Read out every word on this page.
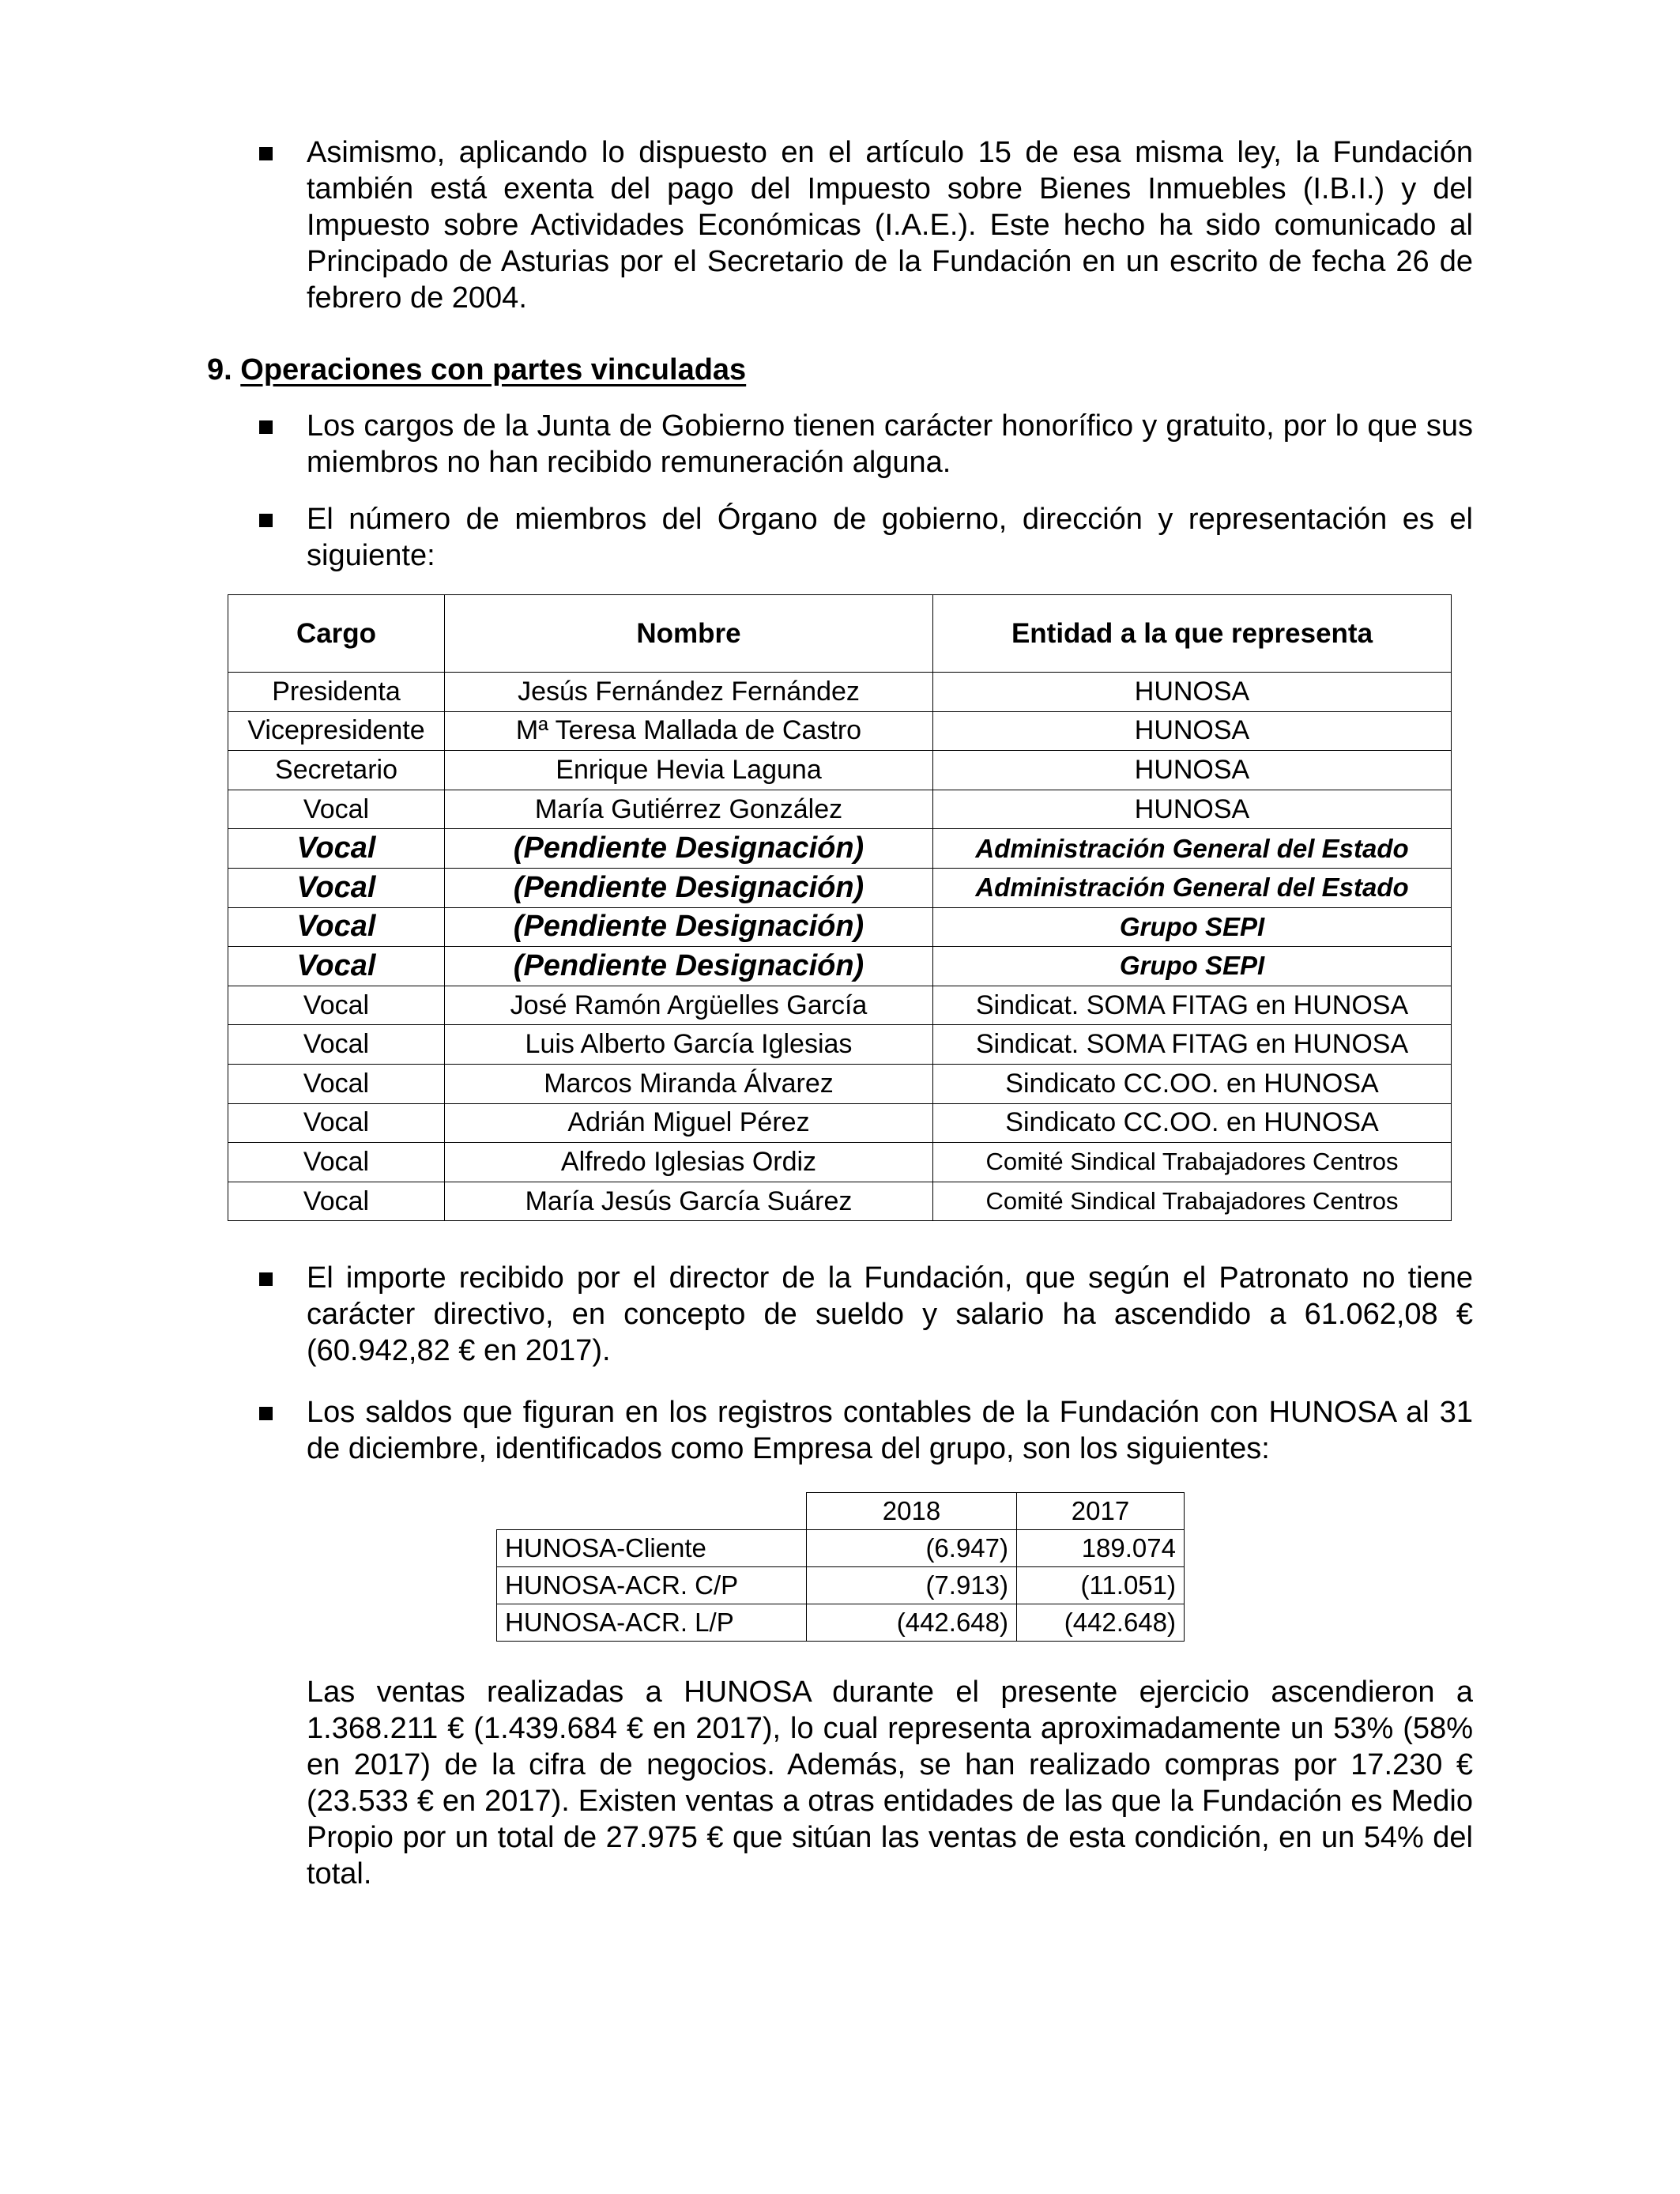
Asimismo, aplicando lo dispuesto en el artículo 15 de esa misma ley, la Fundación también está exenta del pago del Impuesto sobre Bienes Inmuebles (I.B.I.) y del Impuesto sobre Actividades Económicas (I.A.E.). Este hecho ha sido comunicado al Principado de Asturias por el Secretario de la Fundación en un escrito de fecha 26 de febrero de 2004.
9. Operaciones con partes vinculadas
Los cargos de la Junta de Gobierno tienen carácter honorífico y gratuito, por lo que sus miembros no han recibido remuneración alguna.
El número de miembros del Órgano de gobierno, dirección y representación es el siguiente:
Cargo	Nombre	Entidad a la que representa
Presidenta	Jesús Fernández Fernández	HUNOSA
Vicepresidente	Mª Teresa Mallada de Castro	HUNOSA
Secretario	Enrique Hevia Laguna	HUNOSA
Vocal	María Gutiérrez González	HUNOSA
Vocal	(Pendiente Designación)	Administración General del Estado
Vocal	(Pendiente Designación)	Administración General del Estado
Vocal	(Pendiente Designación)	Grupo SEPI
Vocal	(Pendiente Designación)	Grupo SEPI
Vocal	José Ramón Argüelles García	Sindicat. SOMA FITAG en HUNOSA
Vocal	Luis Alberto García Iglesias	Sindicat. SOMA FITAG en HUNOSA
Vocal	Marcos Miranda Álvarez	Sindicato CC.OO. en HUNOSA
Vocal	Adrián Miguel Pérez	Sindicato CC.OO. en HUNOSA
Vocal	Alfredo Iglesias Ordiz	Comité Sindical Trabajadores Centros
Vocal	María Jesús García Suárez	Comité Sindical Trabajadores Centros
El importe recibido por el director de la Fundación, que según el Patronato no tiene carácter directivo, en concepto de sueldo y salario ha ascendido a 61.062,08 € (60.942,82 € en 2017).
Los saldos que figuran en los registros contables de la Fundación con HUNOSA al 31 de diciembre, identificados como Empresa del grupo, son los siguientes:
	2018	2017
HUNOSA-Cliente	(6.947)	189.074
HUNOSA-ACR. C/P	(7.913)	(11.051)
HUNOSA-ACR. L/P	(442.648)	(442.648)
Las ventas realizadas a HUNOSA durante el presente ejercicio ascendieron a 1.368.211 € (1.439.684 € en 2017), lo cual representa aproximadamente un 53% (58% en 2017) de la cifra de negocios. Además, se han realizado compras por 17.230 € (23.533 € en 2017). Existen ventas a otras entidades de las que la Fundación es Medio Propio por un total de 27.975 € que sitúan las ventas de esta condición, en un 54% del total.
